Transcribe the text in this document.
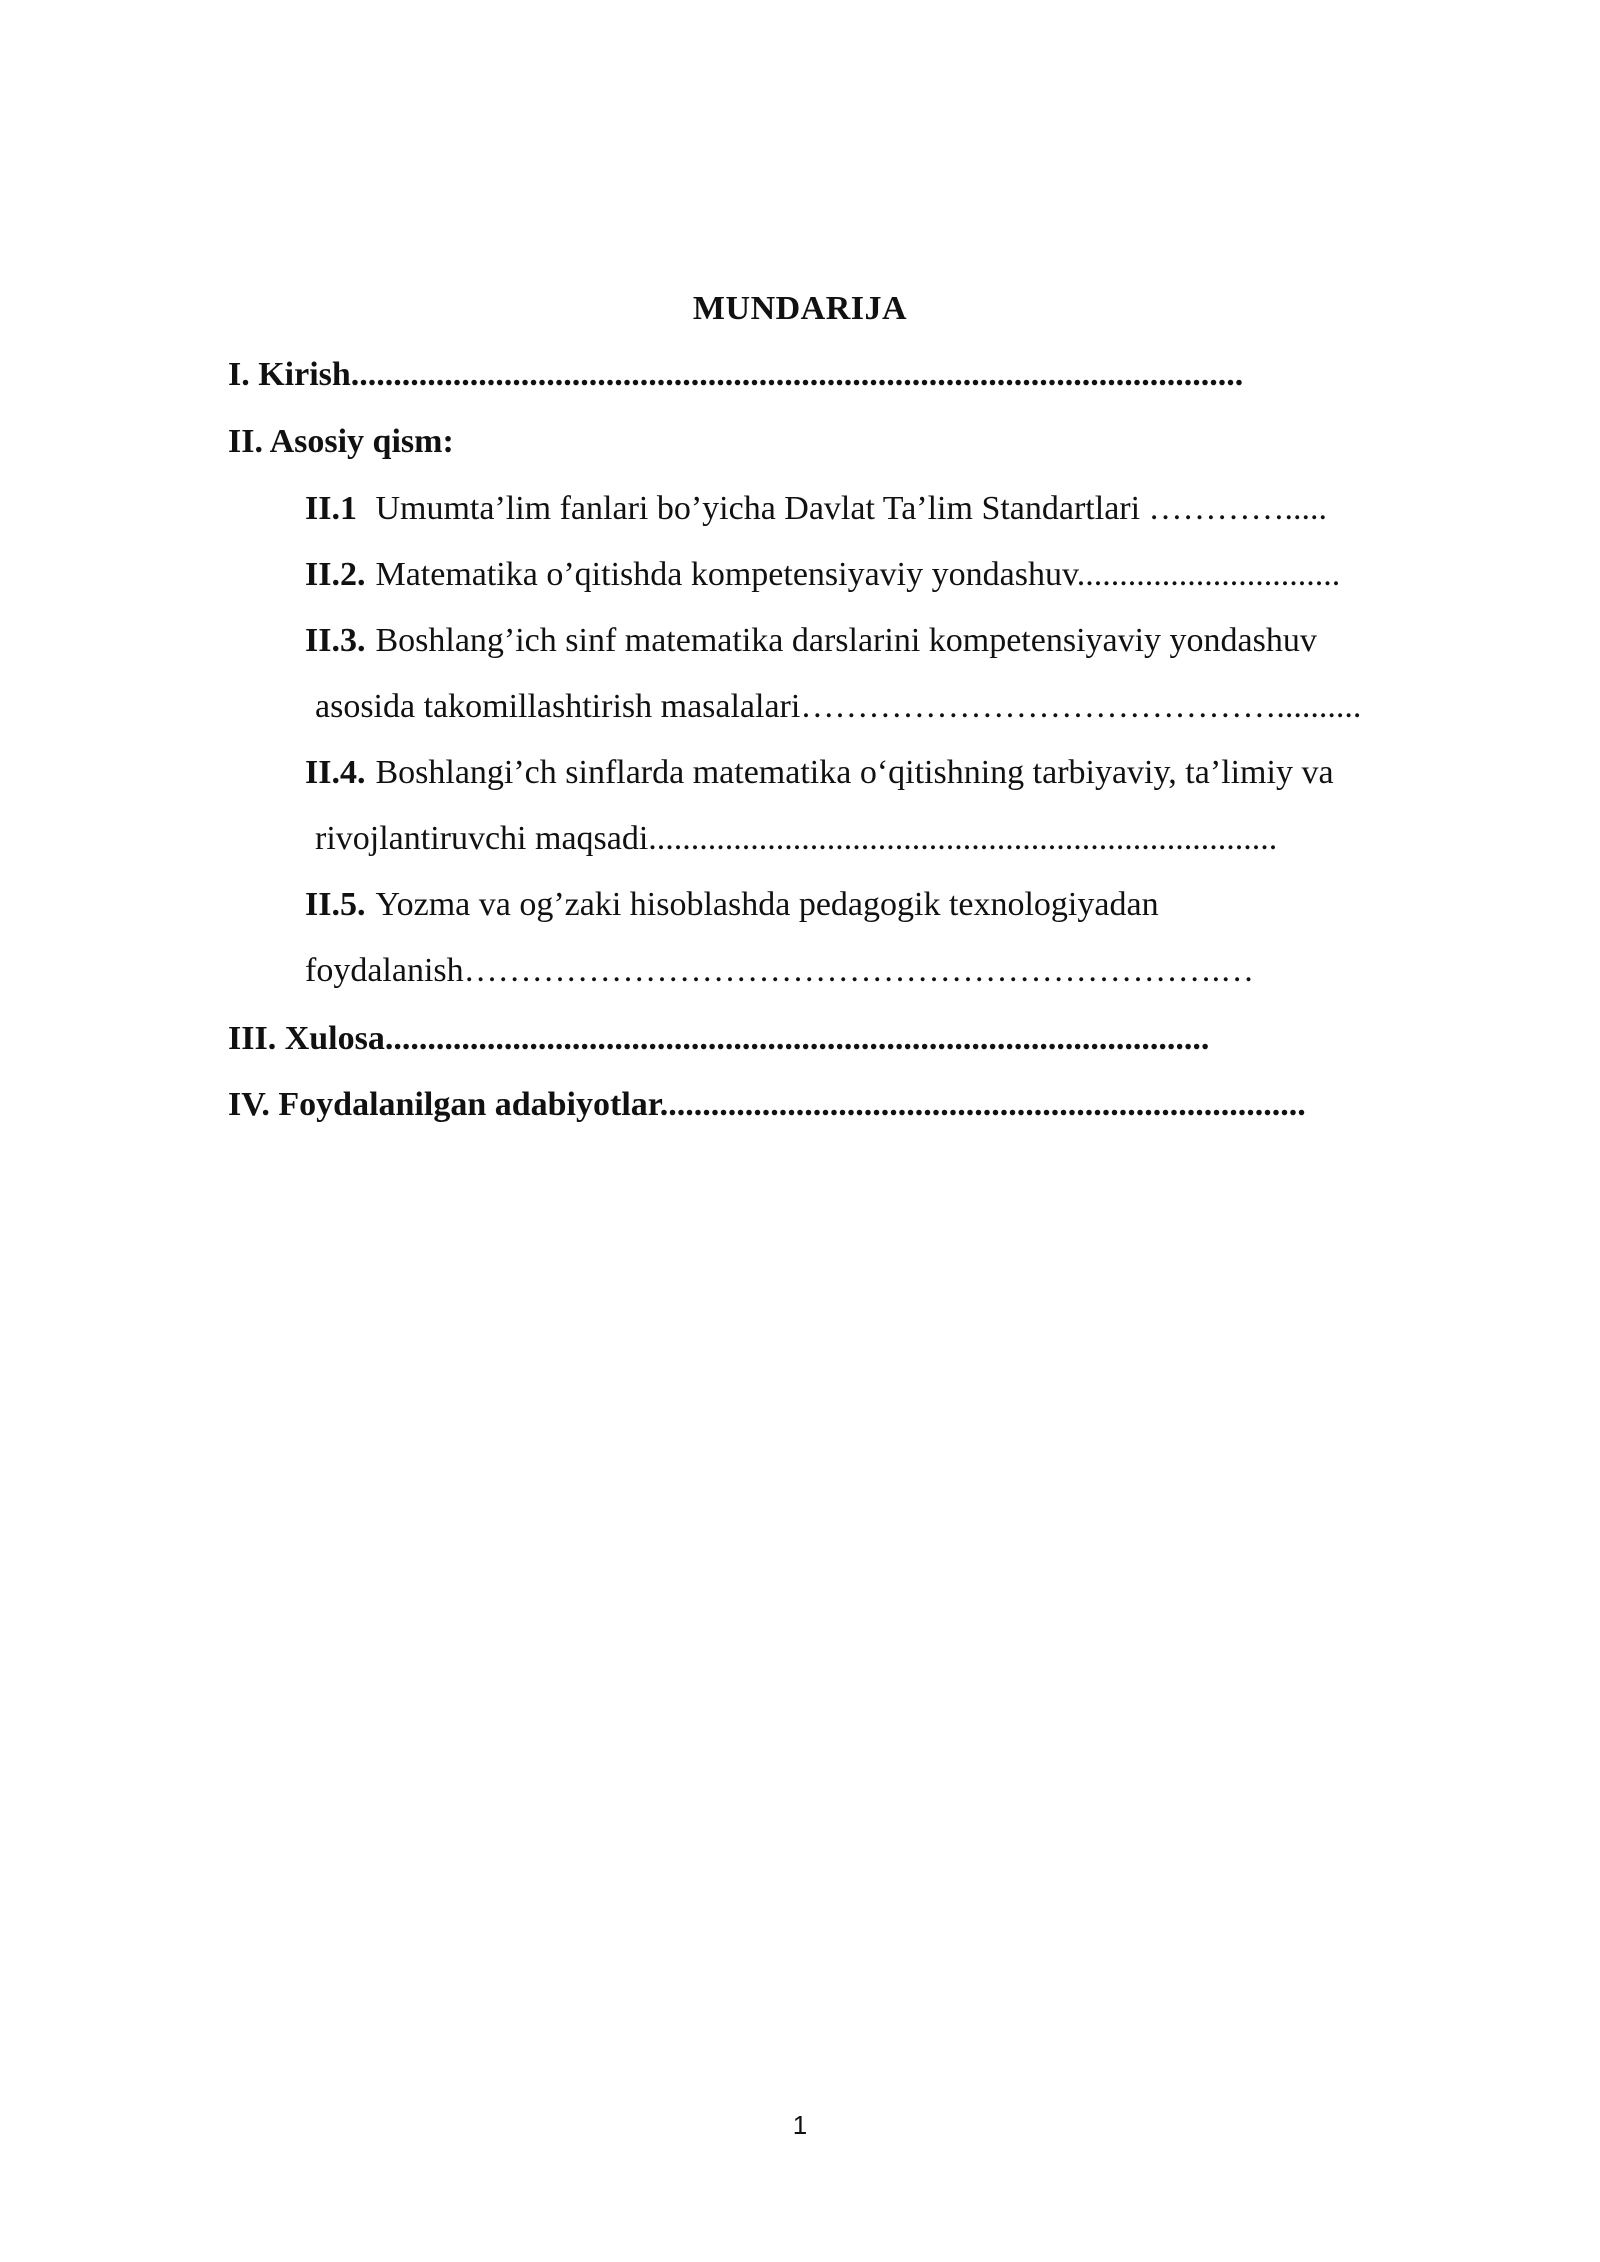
MUNDARIJA
I. Kirish.........................................................................................................
II. Asosiy qism:
II.1 Umumta’lim fanlari bo’yicha Davlat Ta’lim Standartlari ………….....
II.2. Matematika o’qitishda kompetensiyaviy yondashuv...............................
II.3. Boshlang’ich sinf matematika darslarini kompetensiyaviy yondashuv
asosida takomillashtirish masalalari……………………………………..........
II.4. Boshlangi’ch sinflarda matematika o‘qitishning tarbiyaviy, ta’limiy va
rivojlantiruvchi maqsadi..........................................................................
II.5. Yozma va og’zaki hisoblashda pedagogik texnologiyadan
foydalanish………………………………………………………….…
III. Xulosa.................................................................................................
IV. Foydalanilgan adabiyotlar............................................................................
1
